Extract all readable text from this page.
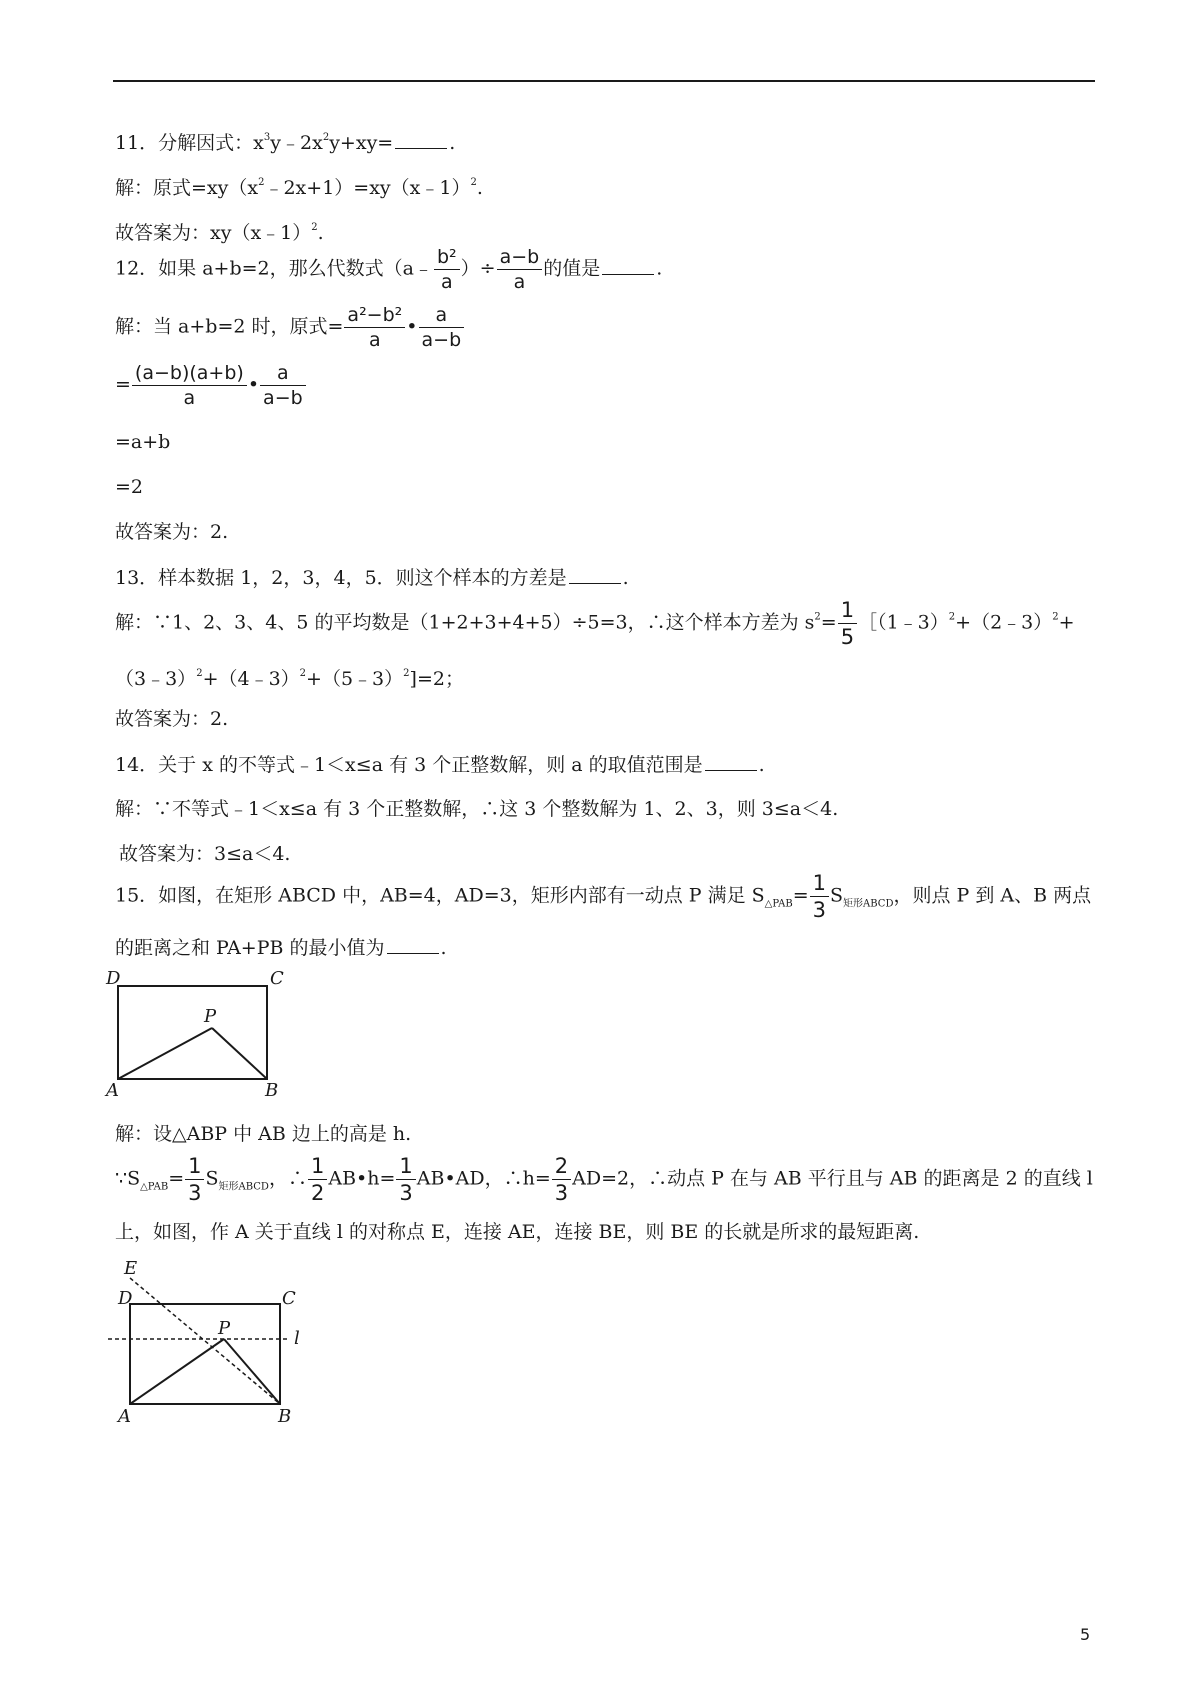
11．分解因式：$x^3y﹣2x^2y+xy=$	.
解：原式$=xy(x^2﹣2x+1)=xy(x﹣1)^2$.
故答案为：xy（x﹣1）$^2$.
12．如果 a+b=2，那么代数式（a﹣ $\frac{\text{b²}}{a}$ ）÷ $\frac{a-b}{a}$ 的值是	.
解：当 a+b=2 时，原式= $\frac{\text{a²−b²}}{a}$ • $\frac{a}{a-b}$
= $\frac{(a-b)(a+b)}{a}$ • $\frac{a}{a-b}$
=a+b
=2
故答案为：2.
13．样本数据 1，2，3，4，5．则这个样本的方差是	.
解：∵1、2、3、4、5 的平均数是（1+2+3+4+5）÷5=3，∴这个样本方差为 $s^2= \frac{1}{5}$ ［（1﹣3）$^2$+（2﹣3）$^2$+
（3﹣3）$^2$+（4﹣3）$^2$+（5﹣3）$^2$]=2；
故答案为：2.
14．关于 x 的不等式﹣1＜x≤a 有 3 个正整数解，则 a 的取值范围是	.
解：∵不等式﹣1＜x≤a 有 3 个正整数解，∴这 3 个整数解为 1、2、3，则 3≤a＜4.
故答案为：3≤a＜4.
15．如图，在矩形 ABCD 中，AB=4，AD=3，矩形内部有一动点 P 满足 $S_{\triangle PAB}= \frac{1}{3} S_{矩形ABCD}$，则点 P 到 A、B 两点
的距离之和 PA+PB 的最小值为	.
D	C
P
A	B
解：设△ABP 中 AB 边上的高是 h.
$\because S_{\triangle PAB}= \frac{1}{3} S_{矩形ABCD}$，∴ $\frac{1}{2}$ AB•h= $\frac{1}{3}$ AB•AD，∴h= $\frac{2}{3} AD=2$，∴动点 P 在与 AB 平行且与 AB 的距离是 2 的直线 l
上，如图，作 A 关于直线 l 的对称点 E，连接 AE，连接 BE，则 BE 的长就是所求的最短距离.
E
D	C
P	l
A	B
5
